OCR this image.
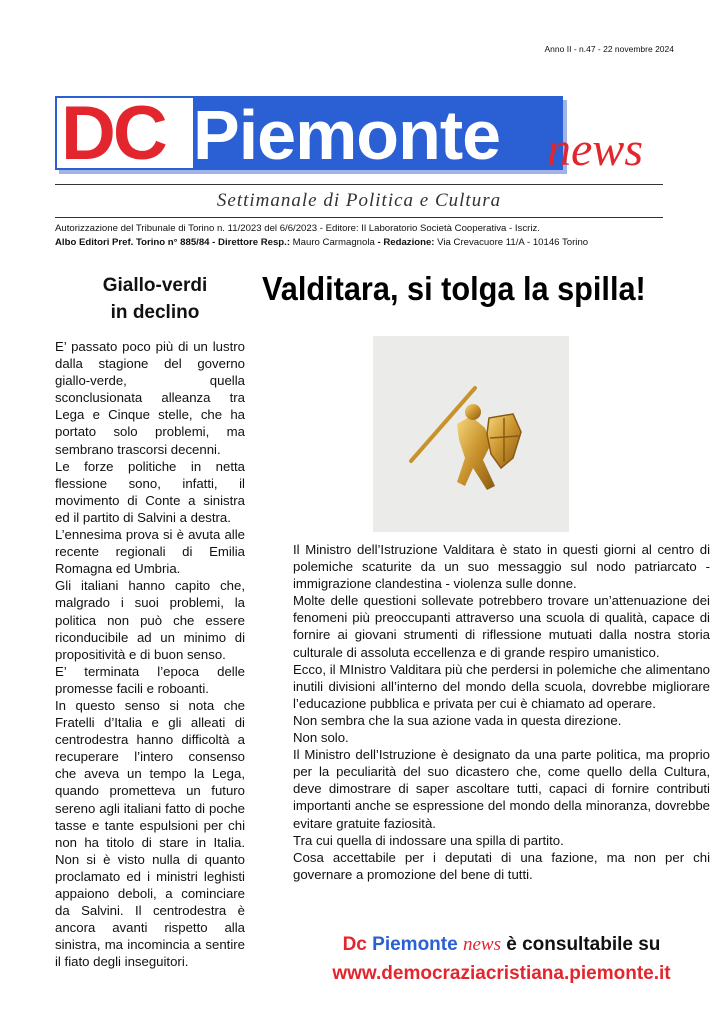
Anno II - n.47 - 22 novembre 2024
DC Piemonte news
Settimanale di Politica e Cultura

Autorizzazione del Tribunale di Torino n. 11/2023 del 6/6/2023 - Editore: Il Laboratorio Società Cooperativa - Iscriz.

Albo Editori Pref. Torino n° 885/84 - Direttore Resp.: Mauro Carmagnola - Redazione: Via Crevacuore 11/A - 10146 Torino

Giallo-verdi
in declino

E’ passato poco più di un lustro dalla stagione del governo giallo-verde, quella sconclusionata alleanza tra Lega e Cinque stelle, che ha portato solo problemi, ma sembrano trascorsi decenni.

Le forze politiche in netta flessione sono, infatti, il movimento di Conte a sinistra ed il partito di Salvini a destra.

L’ennesima prova si è avuta alle recente regionali di Emilia Romagna ed Umbria.

Gli italiani hanno capito che, malgrado i suoi problemi, la politica non può che essere riconducibile ad un minimo di propositività e di buon senso.

E’ terminata l’epoca delle promesse facili e roboanti.

In questo senso si nota che Fratelli d’Italia e gli alleati di centrodestra hanno difficoltà a recuperare l’intero consenso che aveva un tempo la Lega, quando prometteva un futuro sereno agli italiani fatto di poche tasse e tante espulsioni per chi non ha titolo di stare in Italia. Non si è visto nulla di quanto proclamato ed i ministri leghisti appaiono deboli, a cominciare da Salvini. Il centrodestra è ancora avanti rispetto alla sinistra, ma incomincia a sentire il fiato degli inseguitori.

Valditara, si tolga la spilla!

Il Ministro dell’Istruzione Valditara è stato in questi giorni al centro di polemiche scaturite da un suo messaggio sul nodo patriarcato - immigrazione clandestina - violenza sulle donne.

Molte delle questioni sollevate potrebbero trovare un’attenuazione dei fenomeni più preoccupanti attraverso una scuola di qualità, capace di fornire ai giovani strumenti di riflessione mutuati dalla nostra storia culturale di assoluta eccellenza e di grande respiro umanistico.

Ecco, il MInistro Valditara più che perdersi in polemiche che alimentano inutili divisioni all’interno del mondo della scuola, dovrebbe migliorare l’educazione pubblica e privata per cui è chiamato ad operare.

Non sembra che la sua azione vada in questa direzione.

Non solo.

Il Ministro dell’Istruzione è designato da una parte politica, ma proprio per la peculiarità del suo dicastero che, come quello della Cultura, deve dimostrare di saper ascoltare tutti, capaci di fornire contributi importanti anche se espressione del mondo della minoranza, dovrebbe evitare gratuite faziosità.

Tra cui quella di indossare una spilla di partito.

Cosa accettabile per i deputati di una fazione, ma non per chi governare a promozione del bene di tutti.

Dc Piemonte news è consultabile su
www.democraziacristiana.piemonte.it
